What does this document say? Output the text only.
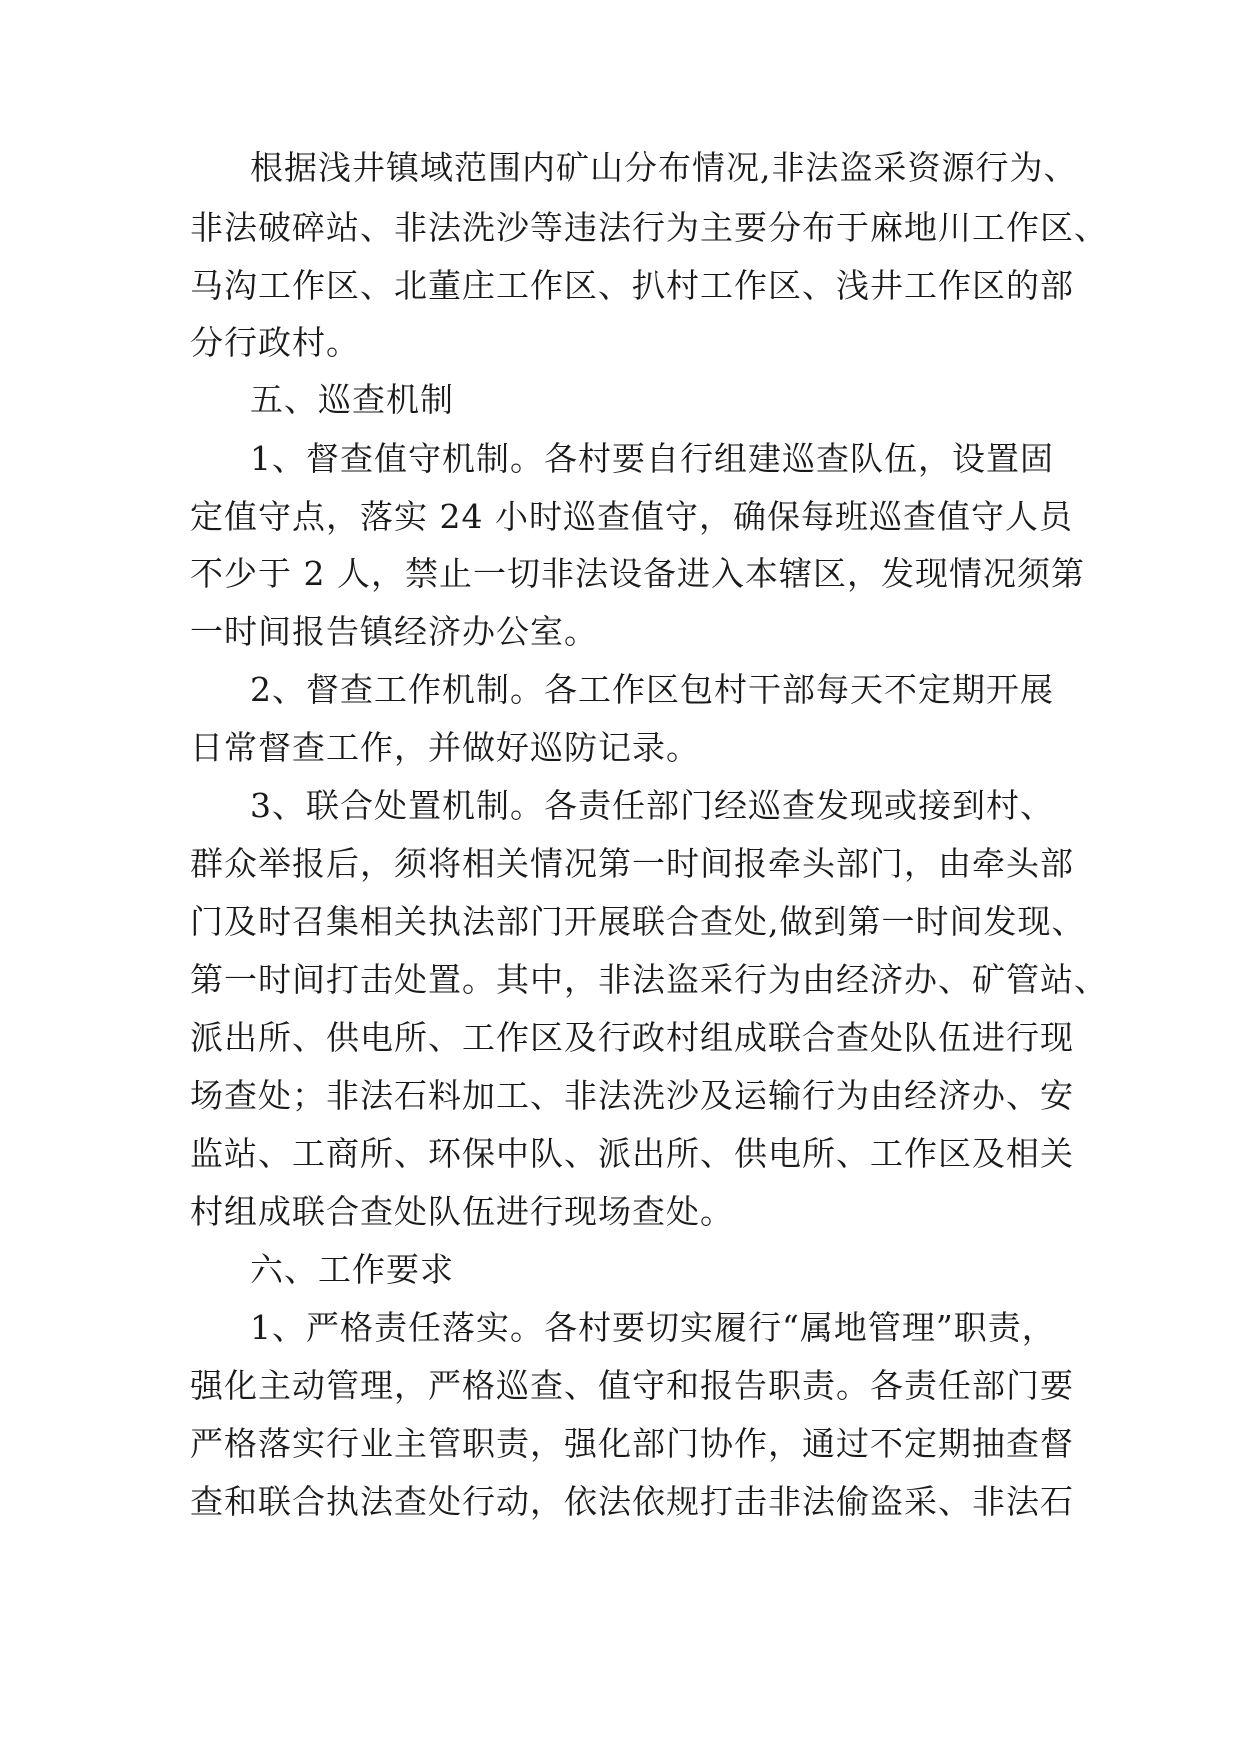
根据浅井镇域范围内矿山分布情况,非法盗采资源行为、
非法破碎站、非法洗沙等违法行为主要分布于麻地川工作区、
马沟工作区、北董庄工作区、扒村工作区、浅井工作区的部
分行政村。
五、巡查机制
1、督查值守机制。各村要自行组建巡查队伍，设置固
定值守点，落实 24 小时巡查值守，确保每班巡查值守人员
不少于 2 人，禁止一切非法设备进入本辖区，发现情况须第
一时间报告镇经济办公室。
2、督查工作机制。各工作区包村干部每天不定期开展
日常督查工作，并做好巡防记录。
3、联合处置机制。各责任部门经巡查发现或接到村、
群众举报后，须将相关情况第一时间报牵头部门，由牵头部
门及时召集相关执法部门开展联合查处,做到第一时间发现、
第一时间打击处置。其中，非法盗采行为由经济办、矿管站、
派出所、供电所、工作区及行政村组成联合查处队伍进行现
场查处；非法石料加工、非法洗沙及运输行为由经济办、安
监站、工商所、环保中队、派出所、供电所、工作区及相关
村组成联合查处队伍进行现场查处。
六、工作要求
1、严格责任落实。各村要切实履行“属地管理”职责，
强化主动管理，严格巡查、值守和报告职责。各责任部门要
严格落实行业主管职责，强化部门协作，通过不定期抽查督
查和联合执法查处行动，依法依规打击非法偷盗采、非法石
